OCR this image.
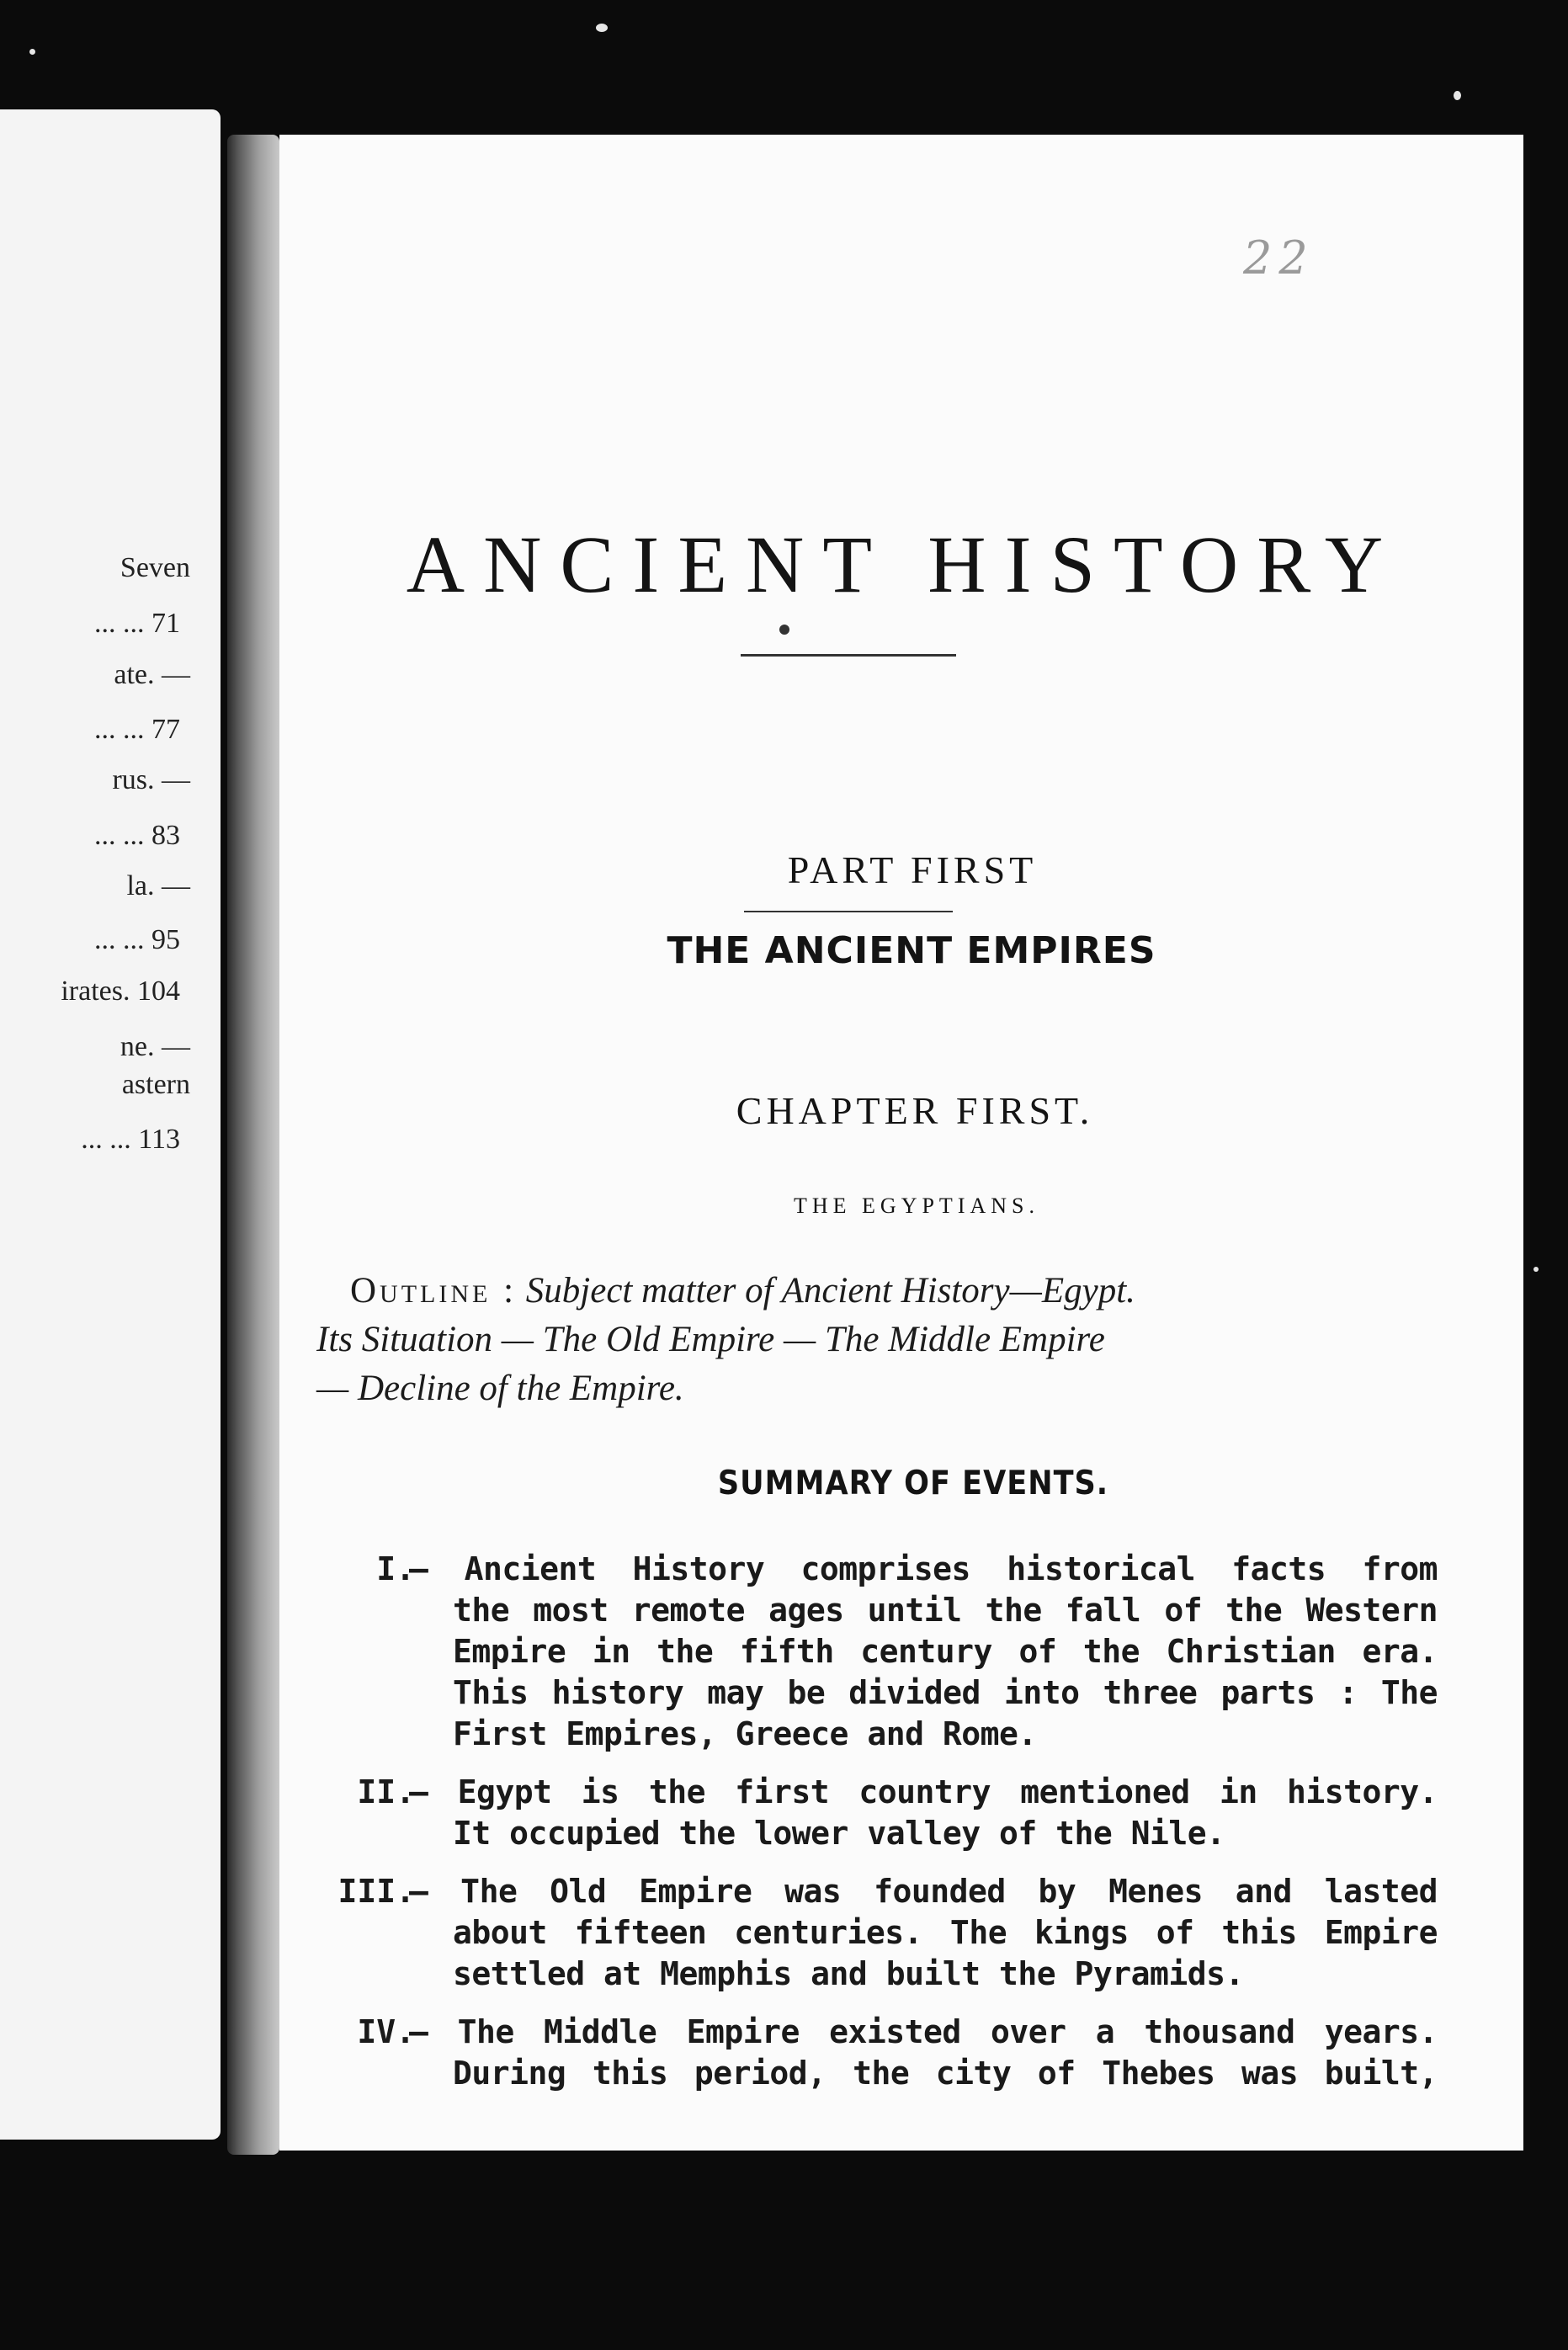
Seven
... ... 71
ate. —
... ... 77
rus. —
... ... 83
la. —
... ... 95
irates. 104
ne. —
astern
... ... 113
22
ANCIENT HISTORY
PART FIRST
THE ANCIENT EMPIRES
CHAPTER FIRST.
THE EGYPTIANS.
Outline : Subject matter of Ancient History—Egypt.
Its Situation — The Old Empire — The Middle Empire
— Decline of the Empire.
SUMMARY OF EVENTS.
I.
— Ancient History comprises historical facts from
the most remote ages until the fall of the Western
Empire in the fifth century of the Christian era.
This history may be divided into three parts : The
First Empires, Greece and Rome.
II.
— Egypt is the first country mentioned in history.
It occupied the lower valley of the Nile.
III.
— The Old Empire was founded by Menes and lasted
about fifteen centuries. The kings of this Empire
settled at Memphis and built the Pyramids.
IV.
— The Middle Empire existed over a thousand years.
During this period, the city of Thebes was built,
